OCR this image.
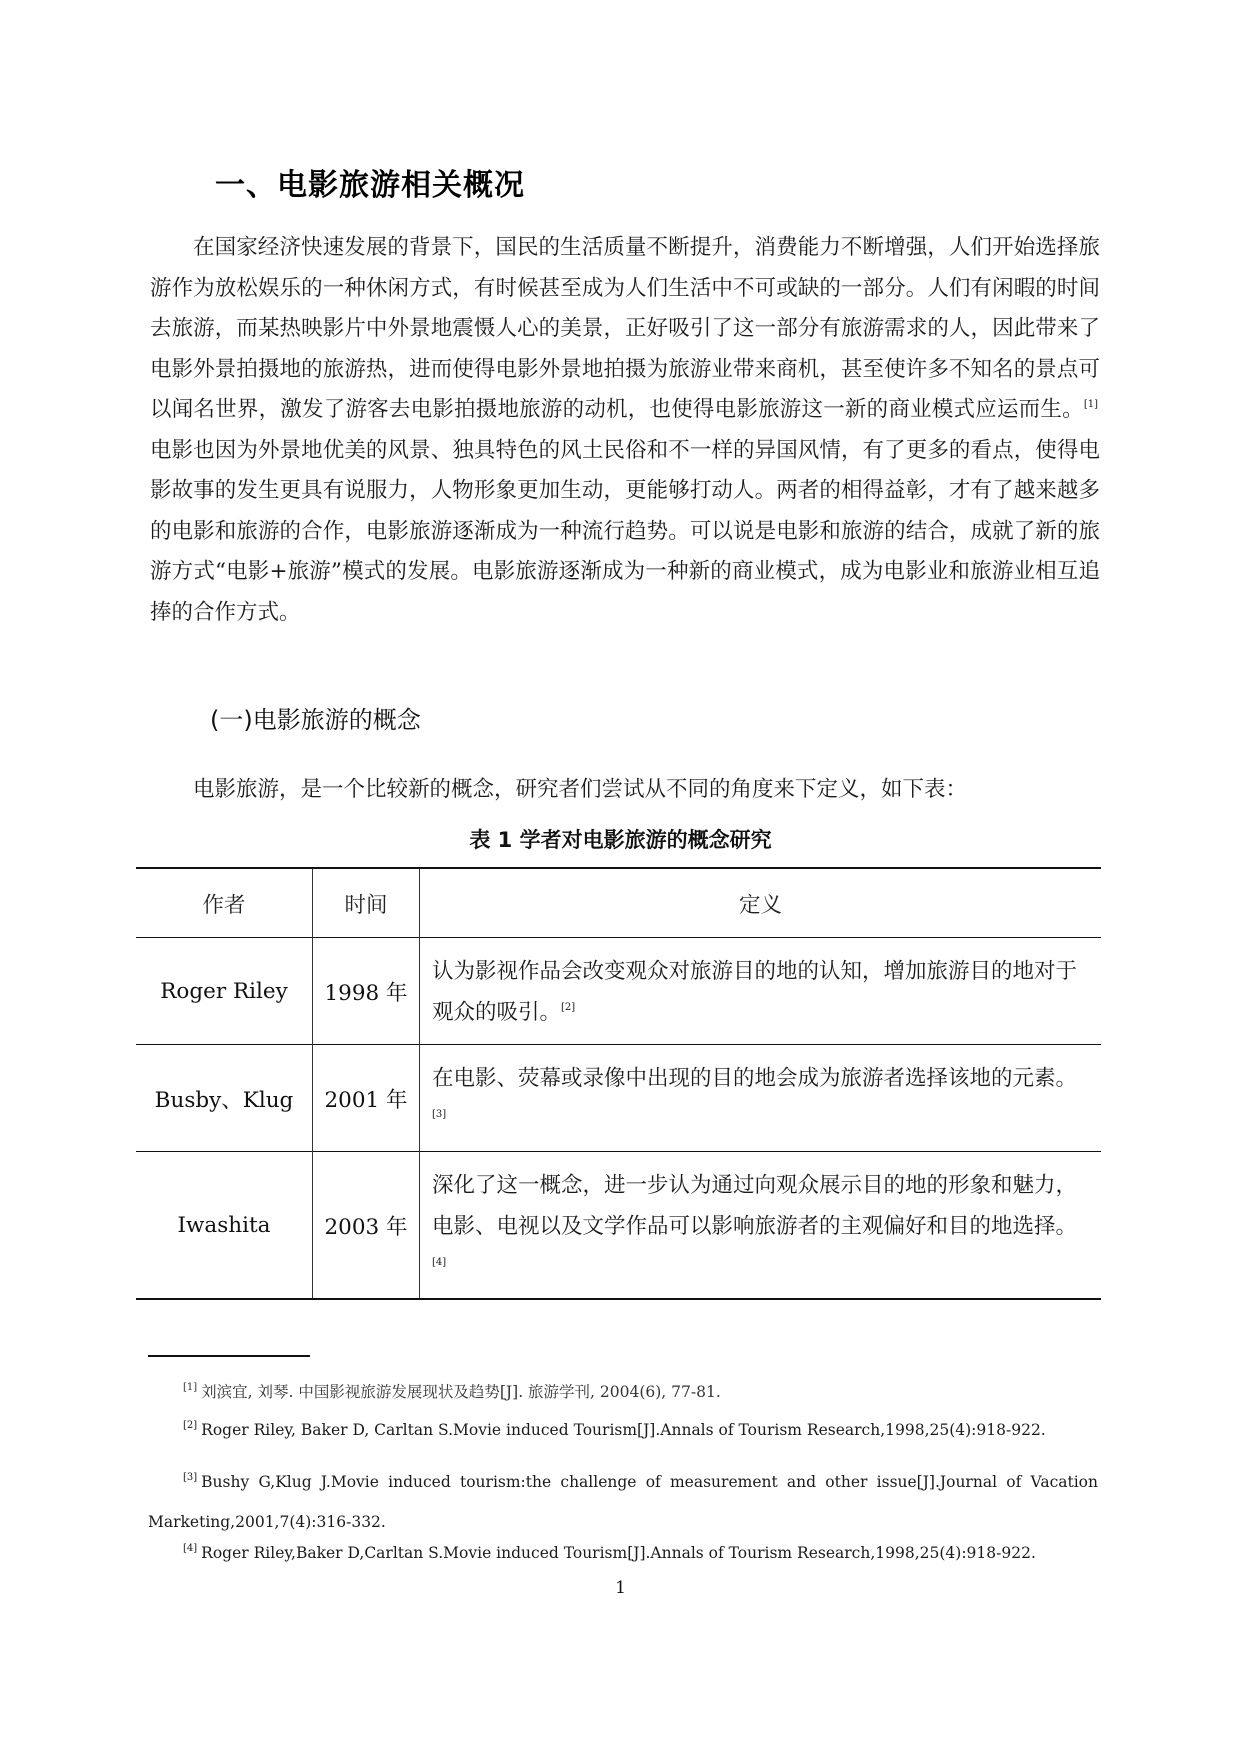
一、电影旅游相关概况
在国家经济快速发展的背景下，国民的生活质量不断提升，消费能力不断增强，人们开始选择旅游作为放松娱乐的一种休闲方式，有时候甚至成为人们生活中不可或缺的一部分。人们有闲暇的时间去旅游，而某热映影片中外景地震慑人心的美景，正好吸引了这一部分有旅游需求的人，因此带来了电影外景拍摄地的旅游热，进而使得电影外景地拍摄为旅游业带来商机，甚至使许多不知名的景点可以闻名世界，激发了游客去电影拍摄地旅游的动机，也使得电影旅游这一新的商业模式应运而生。[1]电影也因为外景地优美的风景、独具特色的风土民俗和不一样的异国风情，有了更多的看点，使得电影故事的发生更具有说服力，人物形象更加生动，更能够打动人。两者的相得益彰，才有了越来越多的电影和旅游的合作，电影旅游逐渐成为一种流行趋势。可以说是电影和旅游的结合，成就了新的旅游方式“电影+旅游”模式的发展。电影旅游逐渐成为一种新的商业模式，成为电影业和旅游业相互追捧的合作方式。
(一)电影旅游的概念
电影旅游，是一个比较新的概念，研究者们尝试从不同的角度来下定义，如下表：
表 1 学者对电影旅游的概念研究
作者	时间	定义
Roger Riley	1998 年	认为影视作品会改变观众对旅游目的地的认知，增加旅游目的地对于观众的吸引。[2]
Busby、Klug	2001 年	在电影、荧幕或录像中出现的目的地会成为旅游者选择该地的元素。[3]
Iwashita	2003 年	深化了这一概念，进一步认为通过向观众展示目的地的形象和魅力，电影、电视以及文学作品可以影响旅游者的主观偏好和目的地选择。[4]
[1] 刘滨宜, 刘琴. 中国影视旅游发展现状及趋势[J]. 旅游学刊, 2004(6), 77-81.
[2] Roger Riley, Baker D, Carltan S.Movie induced Tourism[J].Annals of Tourism Research,1998,25(4):918-922.
[3] Bushy G,Klug J.Movie induced tourism:the challenge of measurement and other issue[J].Journal of Vacation
Marketing,2001,7(4):316-332.
[4] Roger Riley,Baker D,Carltan S.Movie induced Tourism[J].Annals of Tourism Research,1998,25(4):918-922.
1
